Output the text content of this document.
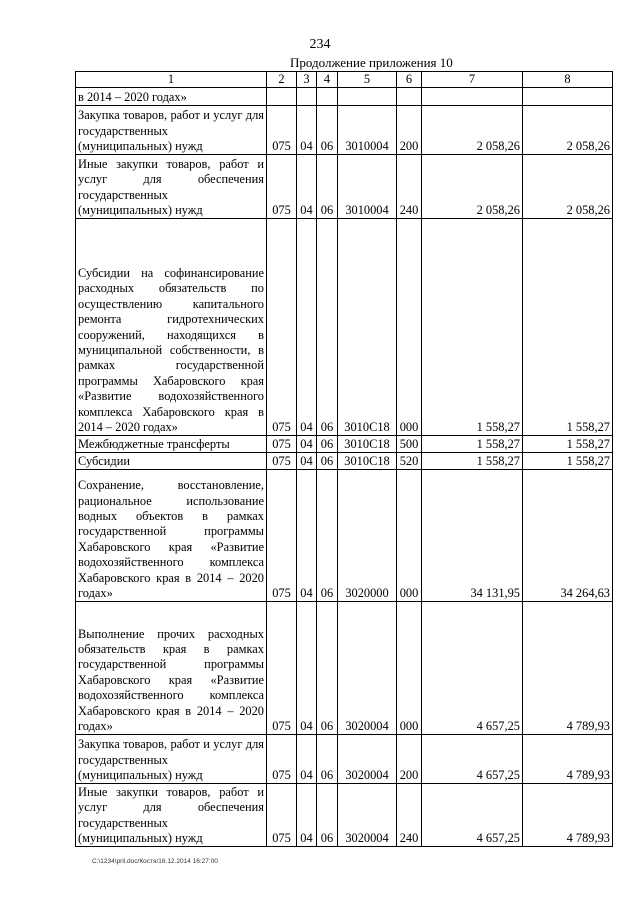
234
Продолжение приложения 10
1	2	3	4	5	6	7	8
в 2014 – 2020 годах»							
Закупка товаров, работ и услуг для государственных (муниципальных) нужд	075	04	06	3010004	200	2 058,26	2 058,26
Иные закупки товаров, работ и услуг для обеспечения государственных (муниципальных) нужд	075	04	06	3010004	240	2 058,26	2 058,26
Субсидии на софинансирование расходных обязательств по осуществлению капитального ремонта гидротехнических сооружений, находящихся в муниципальной собственности, в рамках государственной программы Хабаровского края «Развитие водохозяйственного комплекса Хабаровского края в 2014 – 2020 годах»	075	04	06	3010С18	000	1 558,27	1 558,27
Межбюджетные трансферты	075	04	06	3010С18	500	1 558,27	1 558,27
Субсидии	075	04	06	3010С18	520	1 558,27	1 558,27
Сохранение, восстановление, рациональное использование водных объектов в рамках государственной программы Хабаровского края «Развитие водохозяйственного комплекса Хабаровского края в 2014 – 2020 годах»	075	04	06	3020000	000	34 131,95	34 264,63
Выполнение прочих расходных обязательств края в рамках государственной программы Хабаровского края «Развитие водохозяйственного комплекса Хабаровского края в 2014 – 2020 годах»	075	04	06	3020004	000	4 657,25	4 789,93
Закупка товаров, работ и услуг для государственных (муниципальных) нужд	075	04	06	3020004	200	4 657,25	4 789,93
Иные закупки товаров, работ и услуг для обеспечения государственных (муниципальных) нужд	075	04	06	3020004	240	4 657,25	4 789,93
C:\1234\pril.doc/Костя/16.12.2014 16:27:00
